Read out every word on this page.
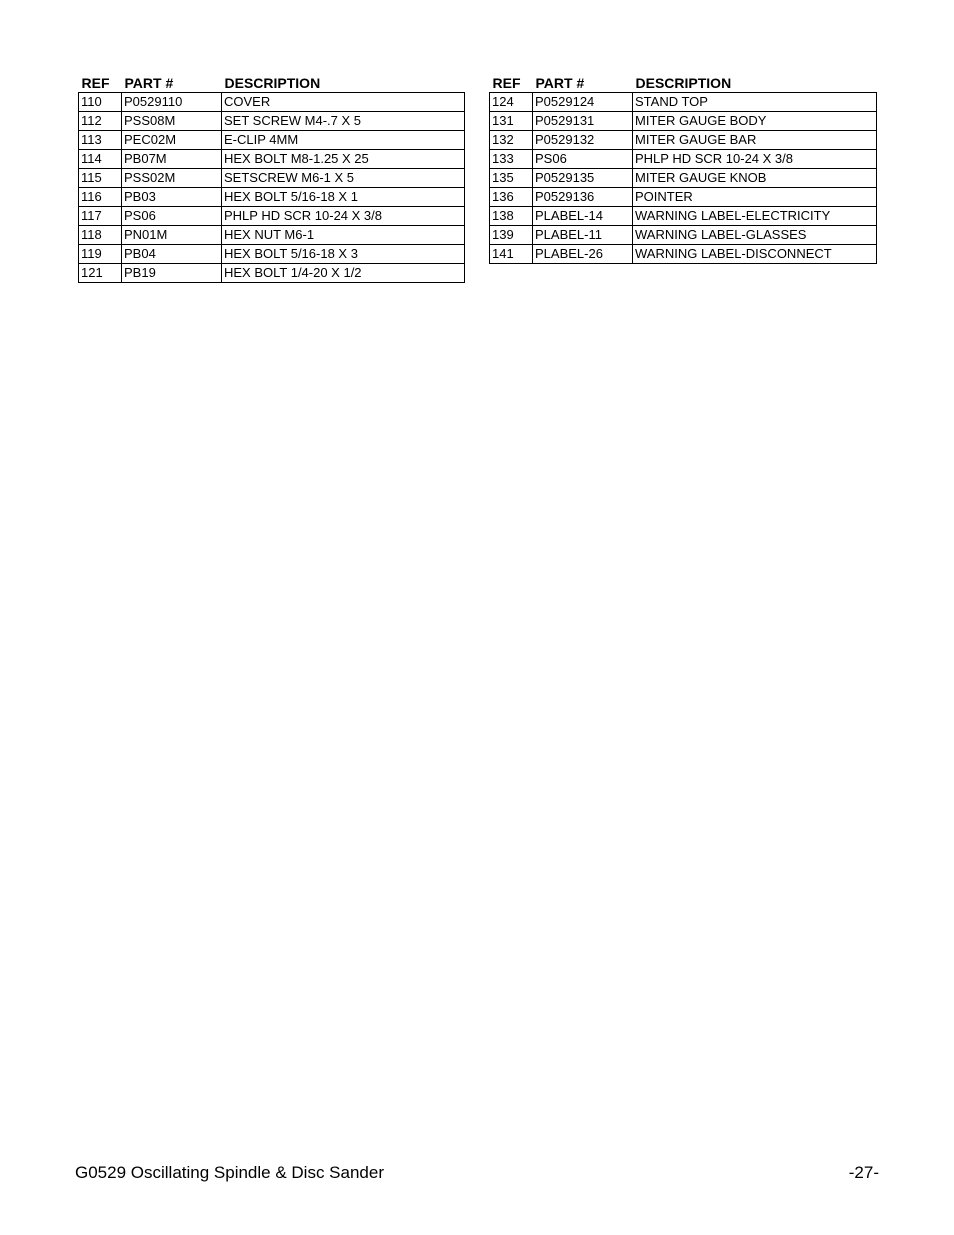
REF	PART #	DESCRIPTION
110	P0529110	COVER
112	PSS08M	SET SCREW M4-.7 X 5
113	PEC02M	E-CLIP 4MM
114	PB07M	HEX BOLT M8-1.25 X 25
115	PSS02M	SETSCREW M6-1 X 5
116	PB03	HEX BOLT 5/16-18 X 1
117	PS06	PHLP HD SCR 10-24 X 3/8
118	PN01M	HEX NUT M6-1
119	PB04	HEX BOLT 5/16-18 X 3
121	PB19	HEX BOLT 1/4-20 X 1/2
REF	PART #	DESCRIPTION
124	P0529124	STAND TOP
131	P0529131	MITER GAUGE BODY
132	P0529132	MITER GAUGE BAR
133	PS06	PHLP HD SCR 10-24 X 3/8
135	P0529135	MITER GAUGE KNOB
136	P0529136	POINTER
138	PLABEL-14	WARNING LABEL-ELECTRICITY
139	PLABEL-11	WARNING LABEL-GLASSES
141	PLABEL-26	WARNING LABEL-DISCONNECT
G0529 Oscillating Spindle & Disc Sander	-27-
